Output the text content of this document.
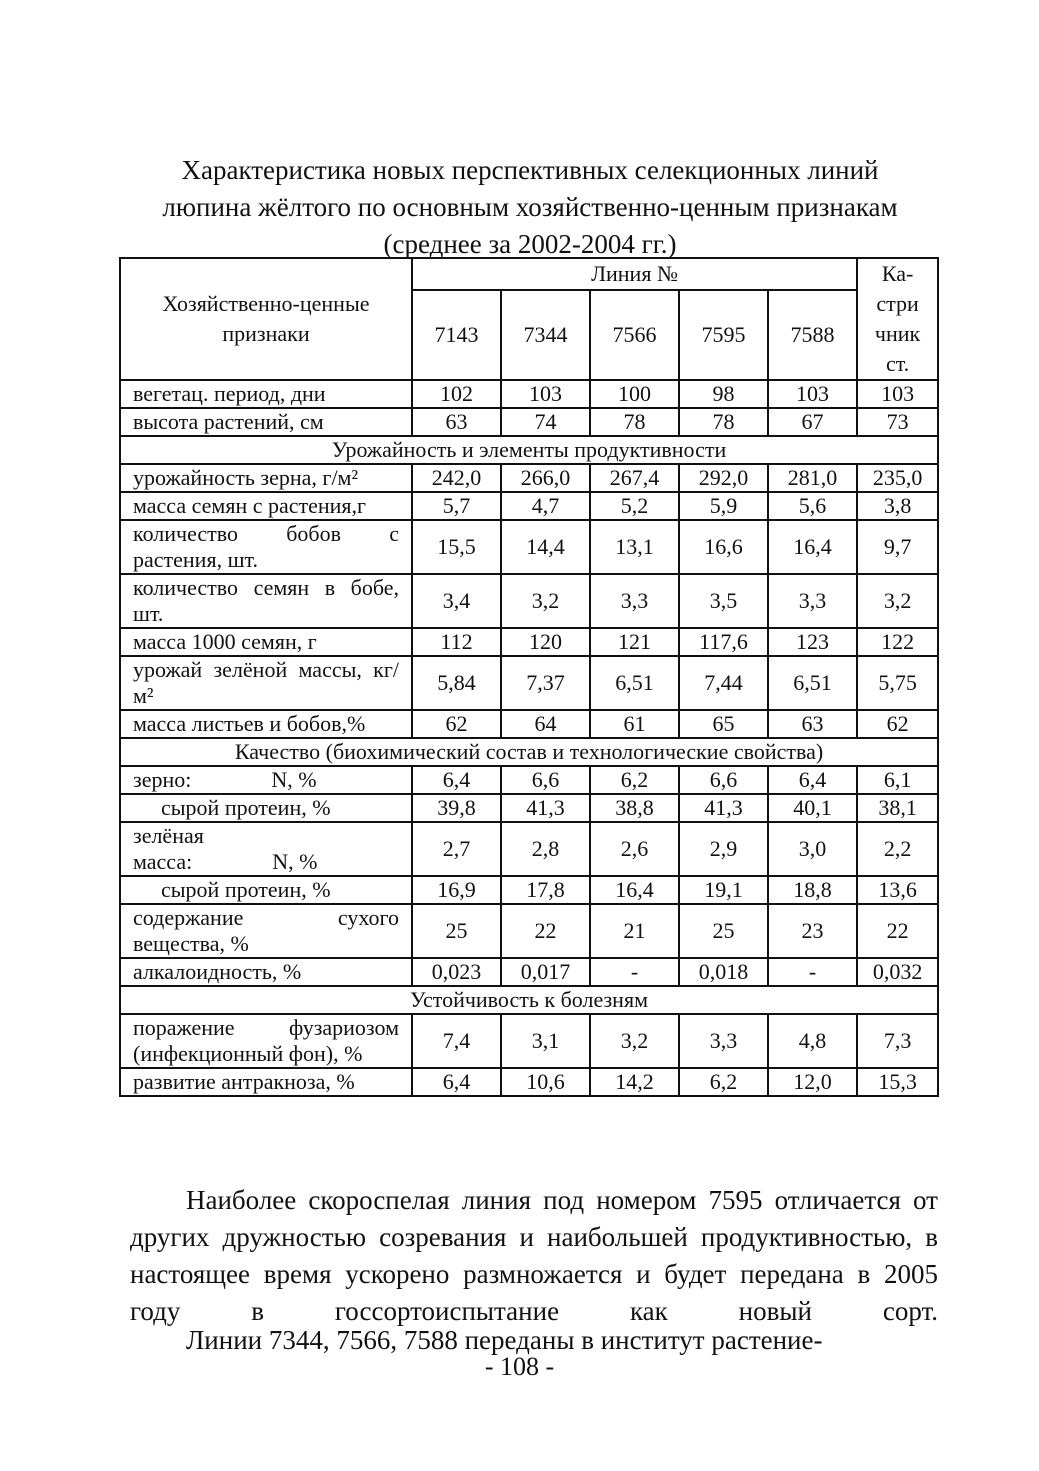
Характеристика новых перспективных селекционных линий
люпина жёлтого по основным хозяйственно-ценным признакам
(среднее за 2002-2004 гг.)
Хозяйственно-ценные признаки	Линия №					Ка-стри чник ст.
	7143	7344	7566	7595	7588	
вегетац. период, дни	102	103	100	98	103	103
высота растений, см	63	74	78	78	67	73
Урожайность и элементы продуктивности						
урожайность зерна, г/м²	242,0	266,0	267,4	292,0	281,0	235,0
масса семян с растения,г	5,7	4,7	5,2	5,9	5,6	3,8
количество бобов с растения, шт.	15,5	14,4	13,1	16,6	16,4	9,7
количество семян в бобе, шт.	3,4	3,2	3,3	3,5	3,3	3,2
масса 1000 семян, г	112	120	121	117,6	123	122
урожай зелёной массы, кг/м²	5,84	7,37	6,51	7,44	6,51	5,75
масса листьев и бобов,%	62	64	61	65	63	62
Качество (биохимический состав и технологические свойства)						
зерно: N, %	6,4	6,6	6,2	6,6	6,4	6,1
сырой протеин, %	39,8	41,3	38,8	41,3	40,1	38,1
зелёная
масса: N, %	2,7	2,8	2,6	2,9	3,0	2,2
сырой протеин, %	16,9	17,8	16,4	19,1	18,8	13,6
содержание сухого вещества, %	25	22	21	25	23	22
алкалоидность, %	0,023	0,017	-	0,018	-	0,032
Устойчивость к болезням						
поражение фузариозом (инфекционный фон), %	7,4	3,1	3,2	3,3	4,8	7,3
развитие антракноза, %	6,4	10,6	14,2	6,2	12,0	15,3

Наиболее скороспелая линия под номером 7595 отличается от других дружностью созревания и наибольшей продуктивностью, в настоящее время ускорено размножается и будет передана в 2005 году в госсортоиспытание как новый сорт.

Линии 7344, 7566, 7588 переданы в институт растение-

- 108 -
